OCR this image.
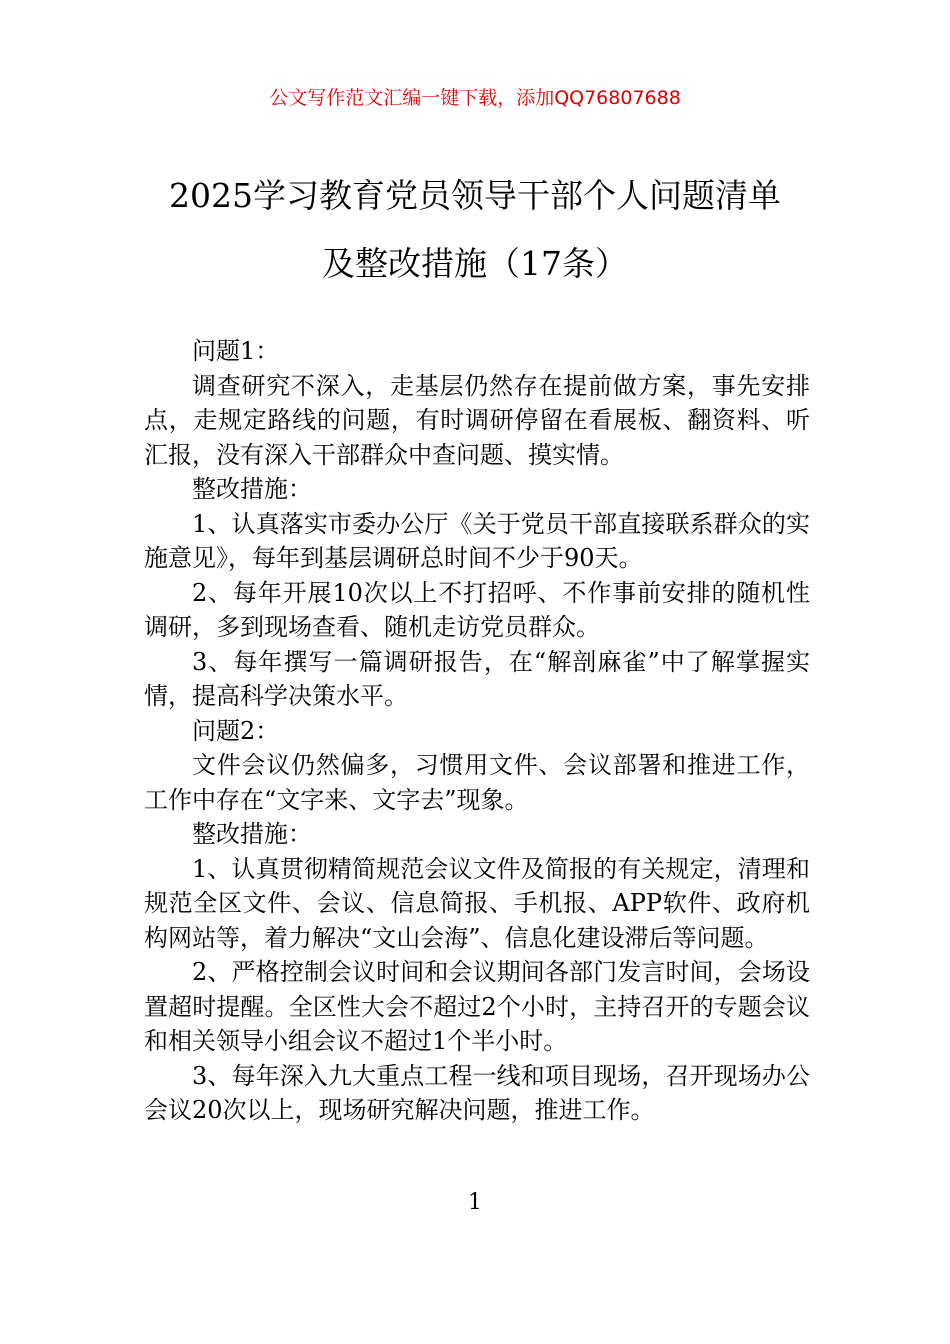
公文写作范文汇编一键下载，添加QQ76807688
2025学习教育党员领导干部个人问题清单
及整改措施（17条）

问题1：

调查研究不深入，走基层仍然存在提前做方案，事先安排点，走规定路线的问题，有时调研停留在看展板、翻资料、听汇报，没有深入干部群众中查问题、摸实情。

整改措施：

1、认真落实市委办公厅《关于党员干部直接联系群众的实施意见》，每年到基层调研总时间不少于90天。

2、每年开展10次以上不打招呼、不作事前安排的随机性调研，多到现场查看、随机走访党员群众。

3、每年撰写一篇调研报告，在“解剖麻雀”中了解掌握实情，提高科学决策水平。

问题2：

文件会议仍然偏多，习惯用文件、会议部署和推进工作，工作中存在“文字来、文字去”现象。

整改措施：

1、认真贯彻精简规范会议文件及简报的有关规定，清理和规范全区文件、会议、信息简报、手机报、APP软件、政府机构网站等，着力解决“文山会海”、信息化建设滞后等问题。

2、严格控制会议时间和会议期间各部门发言时间，会场设置超时提醒。全区性大会不超过2个小时，主持召开的专题会议和相关领导小组会议不超过1个半小时。

3、每年深入九大重点工程一线和项目现场，召开现场办公会议20次以上，现场研究解决问题，推进工作。

1
